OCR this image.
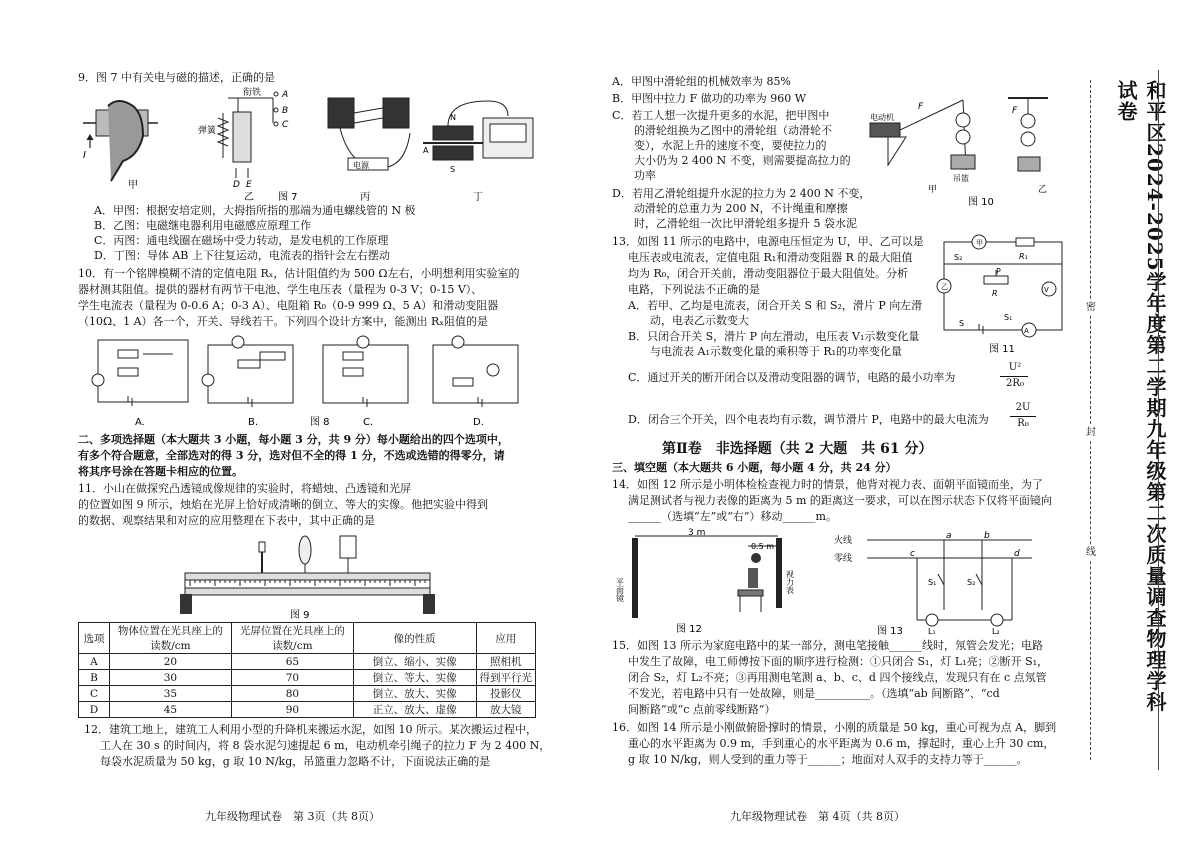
9．图 7 中有关电与磁的描述，正确的是
I
甲
衔铁
弹簧
A
B
C
D E
乙 图 7
电源
丙
N
A
S
丁
A．甲图：根据安培定则，大拇指所指的那端为通电螺线管的 N 极
B．乙图：电磁继电器利用电磁感应原理工作
C．丙图：通电线圈在磁场中受力转动，是发电机的工作原理
D．丁图：导体 AB 上下往复运动，电流表的指针会左右摆动
10．有一个铭牌模糊不清的定值电阻 Rₓ，估计阻值约为 500 Ω左右，小明想利用实验室的
器材测其阻值。提供的器材有两节干电池、学生电压表（量程为 0-3 V；0-15 V）、
学生电流表（量程为 0-0.6 A；0-3 A）、电阻箱 R₀（0-9 999 Ω、5 A）和滑动变阻器
（10Ω、1 A）各一个，开关、导线若干。下列四个设计方案中，能测出 Rₓ阻值的是
A.	B.	图 8	C.	D.
二、多项选择题（本大题共 3 小题，每小题 3 分，共 9 分）每小题给出的四个选项中，
有多个符合题意，全部选对的得 3 分，选对但不全的得 1 分，不选或选错的得零分，请
将其序号涂在答题卡相应的位置。
11．小山在做探究凸透镜成像规律的实验时，将蜡烛、凸透镜和光屏
的位置如图 9 所示，烛焰在光屏上恰好成清晰的倒立、等大的实像。他把实验中得到
的数据、观察结果和对应的应用整理在下表中，其中正确的是
图 9
选项	物体位置在光具座上的读数/cm	光屏位置在光具座上的读数/cm	像的性质	应用
A	20	65	倒立、缩小、实像	照相机
B	30	70	倒立、等大、实像	得到平行光
C	35	80	倒立、放大、实像	投影仪
D	45	90	正立、放大、虚像	放大镜
12．建筑工地上，建筑工人利用小型的升降机来搬运水泥，如图 10 所示。某次搬运过程中，
工人在 30 s 的时间内，将 8 袋水泥匀速提起 6 m，电动机牵引绳子的拉力 F 为 2 400 N，
每袋水泥质量为 50 kg，g 取 10 N/kg，吊篮重力忽略不计，下面说法正确的是
九年级物理试卷　第 3页（共 8页）
A．甲图中滑轮组的机械效率为 85%
B．甲图中拉力 F 做功的功率为 960 W
C．若工人想一次提升更多的水泥，把甲图中
　　的滑轮组换为乙图中的滑轮组（动滑轮不
　　变），水泥上升的速度不变，要使拉力的
　　大小仍为 2 400 N 不变，则需要提高拉力的
　　功率
D．若用乙滑轮组提升水泥的拉力为 2 400 N 不变，
　　动滑轮的总重力为 200 N，不计绳重和摩擦
　　时，乙滑轮组一次比甲滑轮组多提升 5 袋水泥
F	F
电动机
吊篮
甲	乙
图 10
13．如图 11 所示的电路中，电源电压恒定为 U，甲、乙可以是
电压表或电流表，定值电阻 R₁和滑动变阻器 R 的最大阻值
均为 R₀，闭合开关前，滑动变阻器位于最大阻值处。分析
电路，下列说法不正确的是
A．若甲、乙均是电流表，闭合开关 S 和 S₂，滑片 P 向左滑
　　动，电表乙示数变大
B．只闭合开关 S，滑片 P 向左滑动，电压表 V₁示数变化量
　　与电流表 A₁示数变化量的乘积等于 R₁的功率变化量
甲
S₂	R₁
P
R
乙	V
A
S
S₁
图 11
C．通过开关的断开闭合以及滑动变阻器的调节，电路的最小功率为
U²
2R₀
D．闭合三个开关，四个电表均有示数，调节滑片 P，电路中的最大电流为
2U
R₀
第Ⅱ卷　非选择题（共 2 大题　共 61 分）
三、填空题（本大题共 6 小题，每小题 4 分，共 24 分）
14．如图 12 所示是小明体检检查视力时的情景，他背对视力表、面朝平面镜而坐，为了
满足测试者与视力表像的距离为 5 m 的距离这一要求，可以在图示状态下仅将平面镜向
______（选填“左”或“右”）移动______m。
3 m
0.5 m
平面镜	视力表
图 12
火线
零线
a	b
c	d
S₁	S₂
L₁	L₂
图 13
15．如图 13 所示为家庭电路中的某一部分，测电笔接触______线时，氖管会发光；电路
中发生了故障，电工师傅按下面的顺序进行检测：①只闭合 S₁，灯 L₁亮；②断开 S₁，
闭合 S₂，灯 L₂不亮；③再用测电笔测 a、b、c、d 四个接线点，发现只有在 c 点氖管
不发光，若电路中只有一处故障，则是__________。（选填“ab 间断路”、“cd
间断路”或“c 点前零线断路”）
16．如图 14 所示是小刚做俯卧撑时的情景，小刚的质量是 50 kg，重心可视为点 A，脚到
重心的水平距离为 0.9 m，手到重心的水平距离为 0.6 m，撑起时，重心上升 30 cm，
g 取 10 N/kg，则人受到的重力等于______；地面对人双手的支持力等于______。
九年级物理试卷　第 4页（共 8页）
密
封
线	和平区2024-2025学年度第二学期九年级第二次质量调查物理学科试卷
